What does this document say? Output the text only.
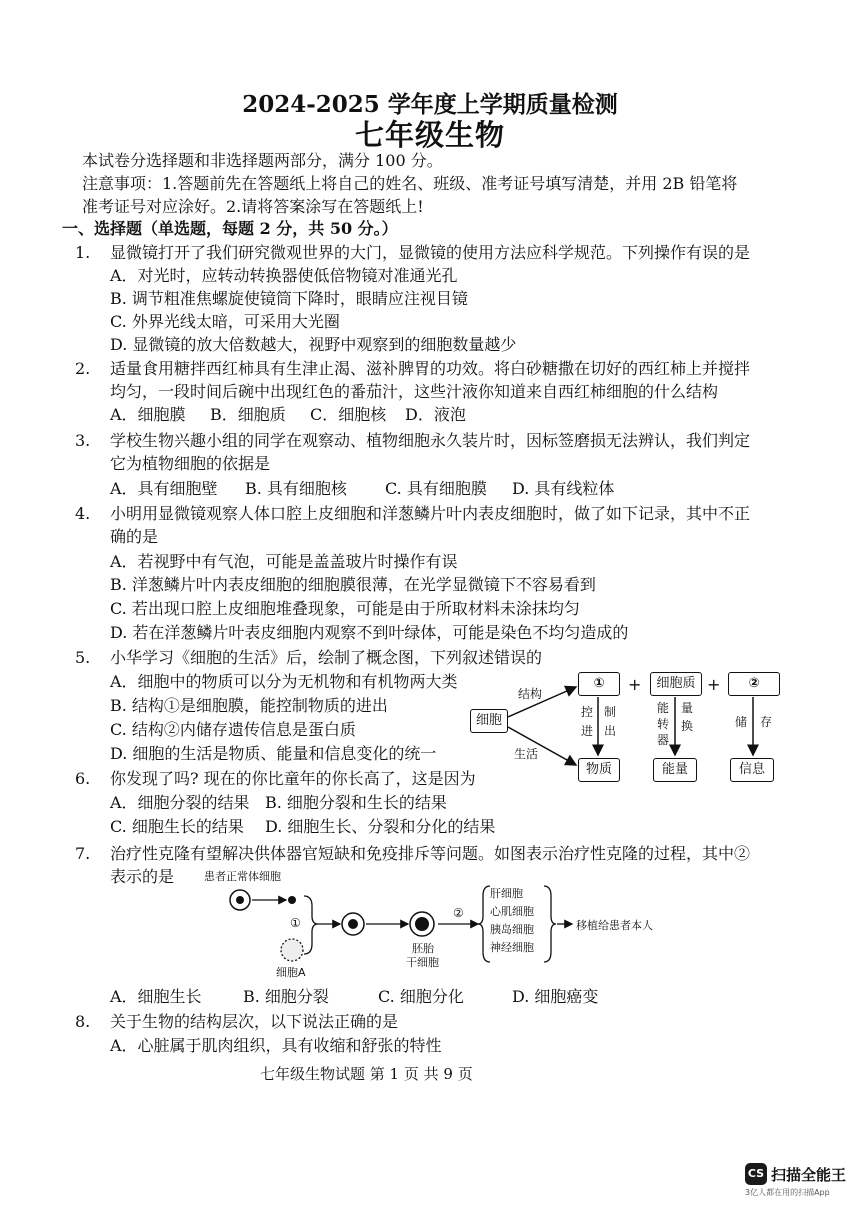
2024-2025 学年度上学期质量检测
七年级生物
本试卷分选择题和非选择题两部分，满分 100 分。
注意事项：1.答题前先在答题纸上将自己的姓名、班级、准考证号填写清楚，并用 2B 铅笔将
准考证号对应涂好。2.请将答案涂写在答题纸上!
一、选择题（单选题，每题 2 分，共 50 分。）
1. 显微镜打开了我们研究微观世界的大门，显微镜的使用方法应科学规范。下列操作有误的是
A．对光时，应转动转换器使低倍物镜对准通光孔
B. 调节粗准焦螺旋使镜筒下降时，眼睛应注视目镜
C. 外界光线太暗，可采用大光圈
D. 显微镜的放大倍数越大，视野中观察到的细胞数量越少
2. 适量食用糖拌西红柿具有生津止渴、滋补脾胃的功效。将白砂糖撒在切好的西红柿上并搅拌
均匀，一段时间后碗中出现红色的番茄汁，这些汁液你知道来自西红柿细胞的什么结构
A．细胞膜 B．细胞质 C．细胞核 D．液泡
3. 学校生物兴趣小组的同学在观察动、植物细胞永久装片时，因标签磨损无法辨认，我们判定
它为植物细胞的依据是
A．具有细胞壁 B. 具有细胞核 C. 具有细胞膜 D. 具有线粒体
4. 小明用显微镜观察人体口腔上皮细胞和洋葱鳞片叶内表皮细胞时，做了如下记录，其中不正
确的是
A．若视野中有气泡，可能是盖盖玻片时操作有误
B. 洋葱鳞片叶内表皮细胞的细胞膜很薄，在光学显微镜下不容易看到
C. 若出现口腔上皮细胞堆叠现象，可能是由于所取材料未涂抹均匀
D. 若在洋葱鳞片叶表皮细胞内观察不到叶绿体，可能是染色不均匀造成的
5. 小华学习《细胞的生活》后，绘制了概念图，下列叙述错误的
A．细胞中的物质可以分为无机物和有机物两大类
B. 结构①是细胞膜，能控制物质的进出
C. 结构②内储存遗传信息是蛋白质
D. 细胞的生活是物质、能量和信息变化的统一
细胞
结构
生活
①	+	细胞质 +	②
控
进
制
出
能
转
器
量
换	储 存
物质	能量	信息
6. 你发现了吗? 现在的你比童年的你长高了，这是因为
A．细胞分裂的结果 B. 细胞分裂和生长的结果
C. 细胞生长的结果 D. 细胞生长、分裂和分化的结果
7. 治疗性克隆有望解决供体器官短缺和免疫排斥等问题。如图表示治疗性克隆的过程，其中②
表示的是	患者正常体细胞
细胞A
①
②
胚胎
干细胞
肝细胞
心肌细胞
胰岛细胞
神经细胞
移植给患者本人
A．细胞生长	B. 细胞分裂	C. 细胞分化	D. 细胞癌变
8. 关于生物的结构层次，以下说法正确的是
A．心脏属于肌肉组织，具有收缩和舒张的特性
七年级生物试题 第 1 页 共 9 页
CS 扫描全能王
3亿人都在用的扫描App
